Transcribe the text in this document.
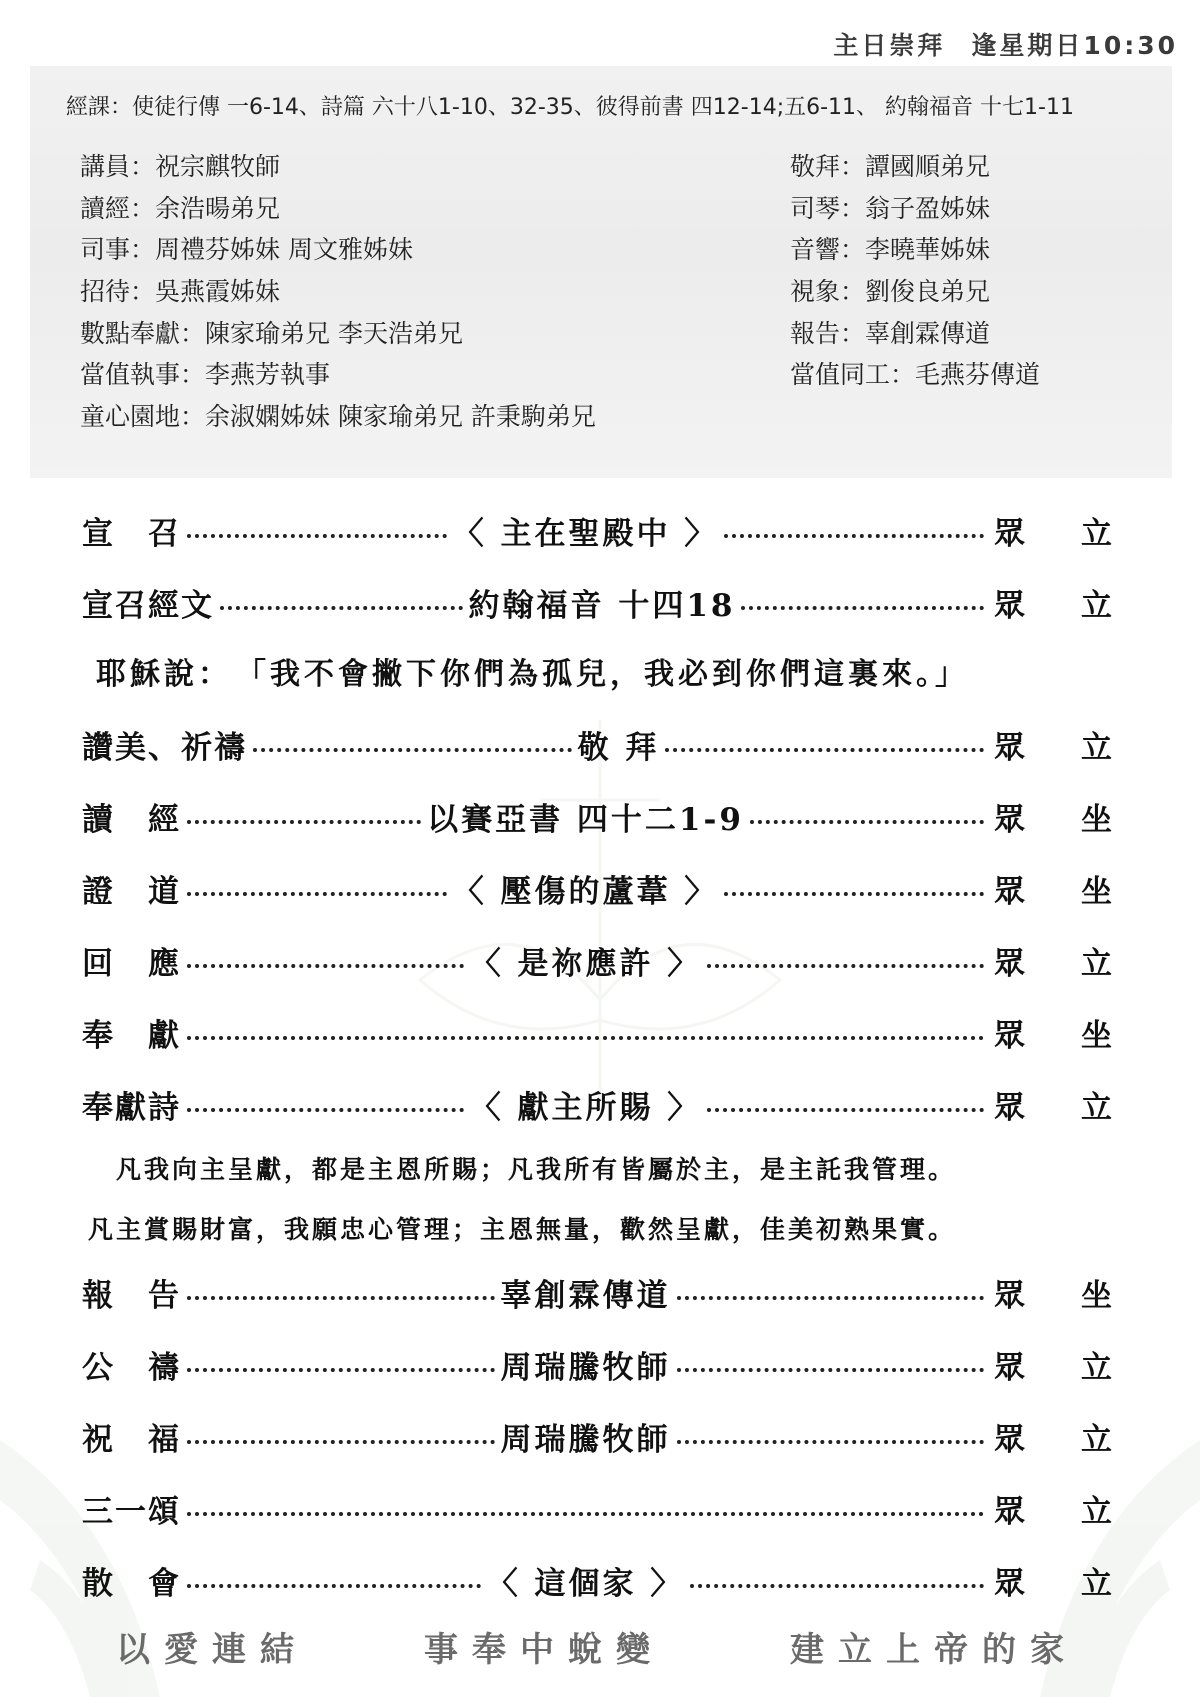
主日崇拜 逢星期日10:30
經課：使徒行傳 一6-14、詩篇 六十八1-10、32-35、彼得前書 四12-14;五6-11、 約翰福音 十七1-11
講員：祝宗麒牧師
讀經：余浩暘弟兄
司事：周禮芬姊妹 周文雅姊妹
招待：吳燕霞姊妹
數點奉獻：陳家瑜弟兄 李天浩弟兄
當值執事：李燕芳執事
童心園地：余淑嫻姊妹 陳家瑜弟兄 許秉駒弟兄
敬拜：譚國順弟兄
司琴：翁子盈姊妹
音響：李曉華姊妹
視象：劉俊良弟兄
報告：辜創霖傳道
當值同工：毛燕芬傳道
宣　召	〈 主在聖殿中 〉	眾 立
宣召經文	約翰福音 十四18	眾 立
耶穌說：　「我不會撇下你們為孤兒，我必到你們這裏來。」
讚美、祈禱	敬 拜	眾 立
讀　經	以賽亞書 四十二1-9	眾 坐
證　道	〈 壓傷的蘆葦 〉	眾 坐
回　應	〈 是祢應許 〉	眾 立
奉　獻	眾 坐
奉獻詩	〈 獻主所賜 〉	眾 立
凡我向主呈獻，都是主恩所賜；凡我所有皆屬於主，是主託我管理。
凡主賞賜財富，我願忠心管理；主恩無量，歡然呈獻，佳美初熟果實。
報　告	辜創霖傳道	眾 坐
公　禱	周瑞騰牧師	眾 立
祝　福	周瑞騰牧師	眾 立
三一頌	眾 立
散　會	〈 這個家 〉	眾 立
以愛連結	事奉中蛻變	建立上帝的家
